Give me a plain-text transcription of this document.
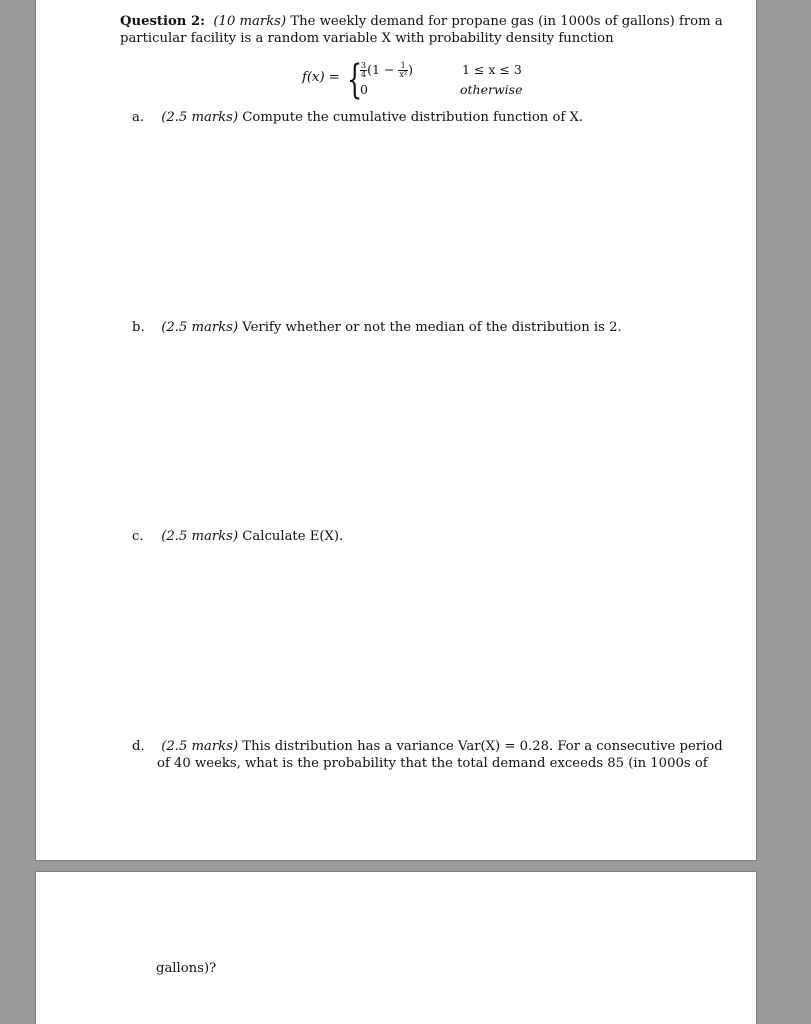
Question 2: (10 marks) The weekly demand for propane gas (in 1000s of gallons) from a
particular facility is a random variable X with probability density function
f(x) = {
$\frac{3}{4} (1 - \frac{1}{\text{x²}}$ )	1 ≤ x ≤ 3
0	otherwise
a. (2.5 marks) Compute the cumulative distribution function of X.
b. (2.5 marks) Verify whether or not the median of the distribution is 2.
c. (2.5 marks) Calculate E(X).
d. (2.5 marks) This distribution has a variance Var(X) = 0.28. For a consecutive period
of 40 weeks, what is the probability that the total demand exceeds 85 (in 1000s of
gallons)?
